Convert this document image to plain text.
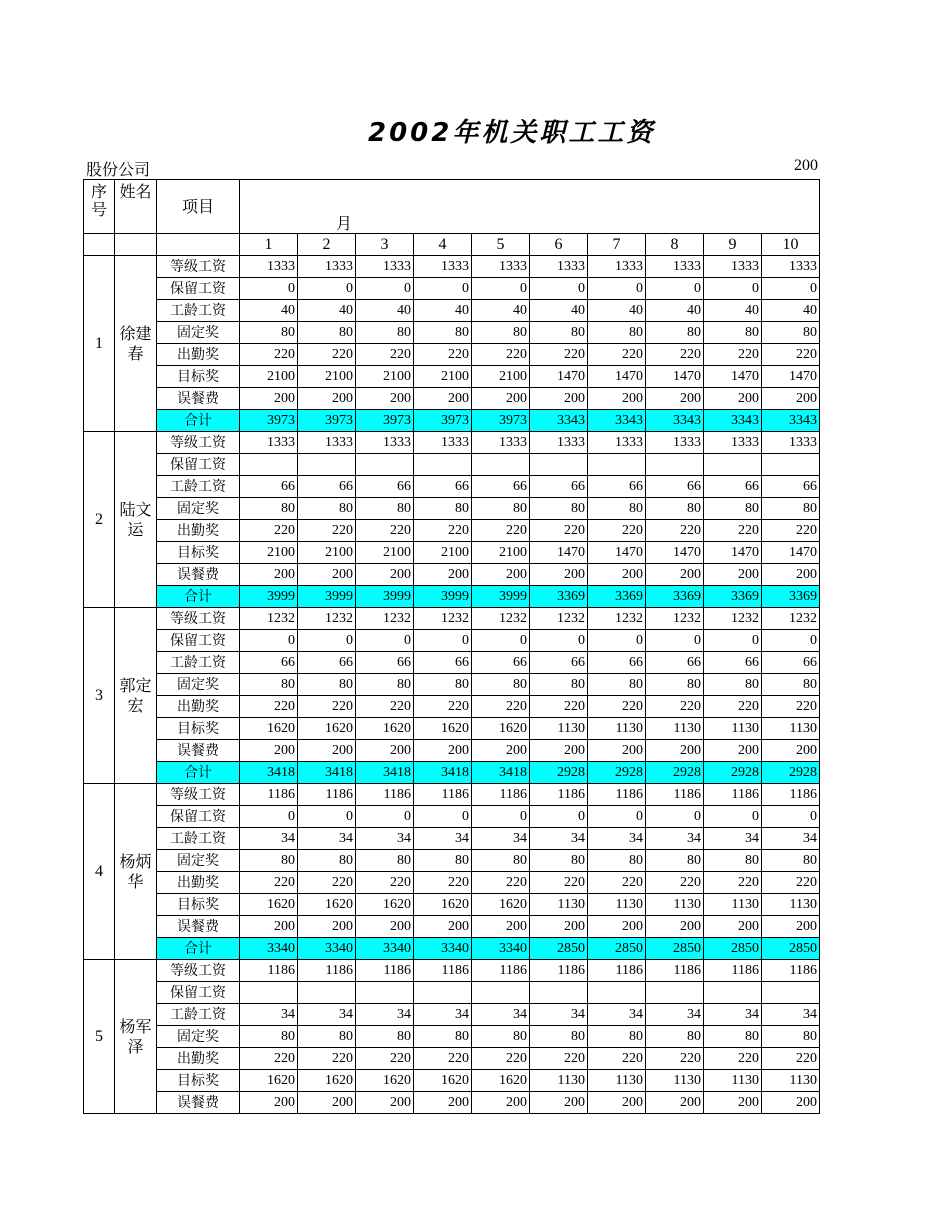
2002年机关职工工资
股份公司	200
序号	姓名	项目	月									
			1	2	3	4	5	6	7	8	9	10
1	徐建春	等级工资	1333	1333	1333	1333	1333	1333	1333	1333	1333	1333
		保留工资	0	0	0	0	0	0	0	0	0	0
		工龄工资	40	40	40	40	40	40	40	40	40	40
		固定奖	80	80	80	80	80	80	80	80	80	80
		出勤奖	220	220	220	220	220	220	220	220	220	220
		目标奖	2100	2100	2100	2100	2100	1470	1470	1470	1470	1470
		误餐费	200	200	200	200	200	200	200	200	200	200
		合计	3973	3973	3973	3973	3973	3343	3343	3343	3343	3343
2	陆文运	等级工资	1333	1333	1333	1333	1333	1333	1333	1333	1333	1333
		保留工资										
		工龄工资	66	66	66	66	66	66	66	66	66	66
		固定奖	80	80	80	80	80	80	80	80	80	80
		出勤奖	220	220	220	220	220	220	220	220	220	220
		目标奖	2100	2100	2100	2100	2100	1470	1470	1470	1470	1470
		误餐费	200	200	200	200	200	200	200	200	200	200
		合计	3999	3999	3999	3999	3999	3369	3369	3369	3369	3369
3	郭定宏	等级工资	1232	1232	1232	1232	1232	1232	1232	1232	1232	1232
		保留工资	0	0	0	0	0	0	0	0	0	0
		工龄工资	66	66	66	66	66	66	66	66	66	66
		固定奖	80	80	80	80	80	80	80	80	80	80
		出勤奖	220	220	220	220	220	220	220	220	220	220
		目标奖	1620	1620	1620	1620	1620	1130	1130	1130	1130	1130
		误餐费	200	200	200	200	200	200	200	200	200	200
		合计	3418	3418	3418	3418	3418	2928	2928	2928	2928	2928
4	杨炳华	等级工资	1186	1186	1186	1186	1186	1186	1186	1186	1186	1186
		保留工资	0	0	0	0	0	0	0	0	0	0
		工龄工资	34	34	34	34	34	34	34	34	34	34
		固定奖	80	80	80	80	80	80	80	80	80	80
		出勤奖	220	220	220	220	220	220	220	220	220	220
		目标奖	1620	1620	1620	1620	1620	1130	1130	1130	1130	1130
		误餐费	200	200	200	200	200	200	200	200	200	200
		合计	3340	3340	3340	3340	3340	2850	2850	2850	2850	2850
5	杨军泽	等级工资	1186	1186	1186	1186	1186	1186	1186	1186	1186	1186
		保留工资										
		工龄工资	34	34	34	34	34	34	34	34	34	34
		固定奖	80	80	80	80	80	80	80	80	80	80
		出勤奖	220	220	220	220	220	220	220	220	220	220
		目标奖	1620	1620	1620	1620	1620	1130	1130	1130	1130	1130
		误餐费	200	200	200	200	200	200	200	200	200	200
